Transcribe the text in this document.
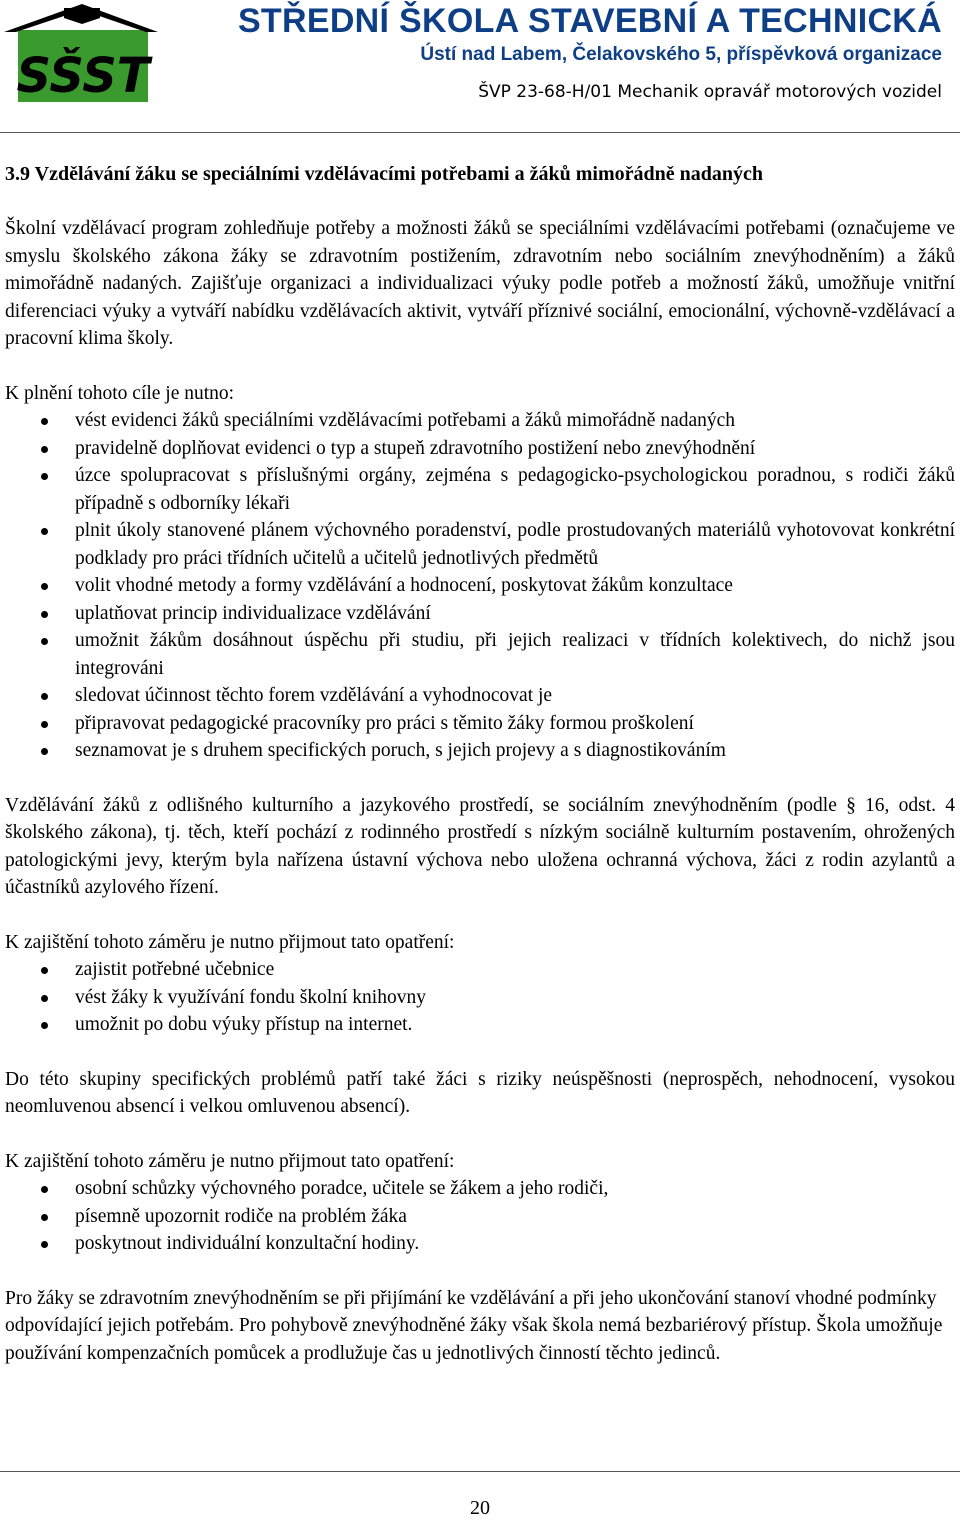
SŠST
STŘEDNÍ ŠKOLA STAVEBNÍ A TECHNICKÁ

Ústí nad Labem, Čelakovského 5, příspěvková organizace

ŠVP 23-68-H/01 Mechanik opravář motorových vozidel

3.9 Vzdělávání žáku se speciálními vzdělávacími potřebami a žáků mimořádně nadaných

Školní vzdělávací program zohledňuje potřeby a možnosti žáků se speciálními vzdělávacími potřebami (označujeme ve smyslu školského zákona žáky se zdravotním postižením, zdravotním nebo sociálním znevýhodněním) a žáků mimořádně nadaných. Zajišťuje organizaci a individualizaci výuky podle potřeb a možností žáků, umožňuje vnitřní diferenciaci výuky a vytváří nabídku vzdělávacích aktivit, vytváří příznivé sociální, emocionální, výchovně-vzdělávací a pracovní klima školy.

K plnění tohoto cíle je nutno:

vést evidenci žáků speciálními vzdělávacími potřebami a žáků mimořádně nadaných
pravidelně doplňovat evidenci o typ a stupeň zdravotního postižení nebo znevýhodnění
úzce spolupracovat s příslušnými orgány, zejména s pedagogicko-psychologickou poradnou, s rodiči žáků případně s odborníky lékaři
plnit úkoly stanovené plánem výchovného poradenství, podle prostudovaných materiálů vyhotovovat konkrétní podklady pro práci třídních učitelů a učitelů jednotlivých předmětů
volit vhodné metody a formy vzdělávání a hodnocení, poskytovat žákům konzultace
uplatňovat princip individualizace vzdělávání
umožnit žákům dosáhnout úspěchu při studiu, při jejich realizaci v třídních kolektivech, do nichž jsou integrováni
sledovat účinnost těchto forem vzdělávání a vyhodnocovat je
připravovat pedagogické pracovníky pro práci s těmito žáky formou proškolení
seznamovat je s druhem specifických poruch, s jejich projevy a s diagnostikováním

Vzdělávání žáků z odlišného kulturního a jazykového prostředí, se sociálním znevýhodněním (podle § 16, odst. 4 školského zákona), tj. těch, kteří pochází z rodinného prostředí s nízkým sociálně kulturním postavením, ohrožených patologickými jevy, kterým byla nařízena ústavní výchova nebo uložena ochranná výchova, žáci z rodin azylantů a účastníků azylového řízení.

K zajištění tohoto záměru je nutno přijmout tato opatření:

zajistit potřebné učebnice
vést žáky k využívání fondu školní knihovny
umožnit po dobu výuky přístup na internet.

Do této skupiny specifických problémů patří také žáci s riziky neúspěšnosti (neprospěch, nehodnocení, vysokou neomluvenou absencí i velkou omluvenou absencí).

K zajištění tohoto záměru je nutno přijmout tato opatření:

osobní schůzky výchovného poradce, učitele se žákem a jeho rodiči,
písemně upozornit rodiče na problém žáka
poskytnout individuální konzultační hodiny.

Pro žáky se zdravotním znevýhodněním se při přijímání ke vzdělávání a při jeho ukončování stanoví vhodné podmínky odpovídající jejich potřebám. Pro pohybově znevýhodněné žáky však škola nemá bezbariérový přístup. Škola umožňuje používání kompenzačních pomůcek a prodlužuje čas u jednotlivých činností těchto jedinců.

20
